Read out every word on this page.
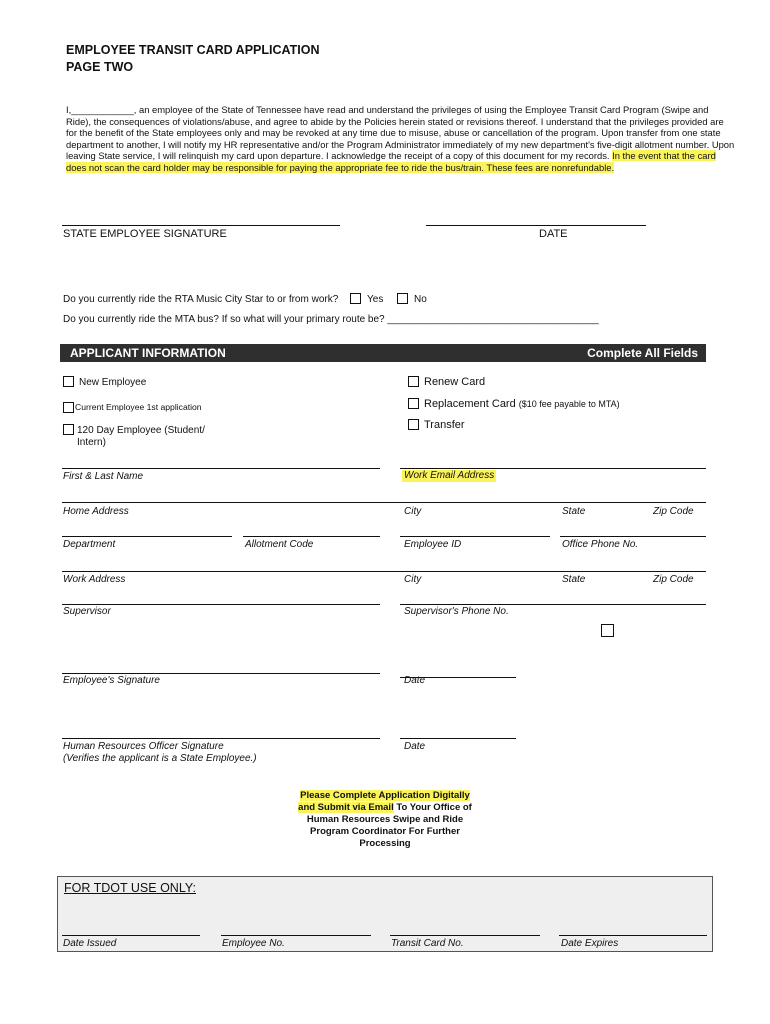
EMPLOYEE TRANSIT CARD APPLICATION
PAGE TWO
I,____________, an employee of the State of Tennessee have read and understand the privileges of using the Employee Transit Card Program (Swipe and Ride), the consequences of violations/abuse, and agree to abide by the Policies herein stated or revisions thereof. I understand that the privileges provided are for the benefit of the State employees only and may be revoked at any time due to misuse, abuse or cancellation of the program. Upon transfer from one state department to another, I will notify my HR representative and/or the Program Administrator immediately of my new department's five-digit allotment number. Upon leaving State service, I will relinquish my card upon departure. I acknowledge the receipt of a copy of this document for my records. In the event that the card does not scan the card holder may be responsible for paying the appropriate fee to ride the bus/train. These fees are nonrefundable.
STATE EMPLOYEE SIGNATURE	DATE
Do you currently ride the RTA Music City Star to or from work?	Yes	No
Do you currently ride the MTA bus? If so what will your primary route be? ______________________________________
APPLICANT INFORMATION	Complete All Fields
New Employee
Current Employee 1st application
120 Day Employee (Student/
Intern)
Renew Card
Replacement Card ($10 fee payable to MTA)
Transfer
First & Last Name	Work Email Address
Home Address	City	State	Zip Code
Department	Allotment Code	Employee ID	Office Phone No.
Work Address	City	State	Zip Code
Supervisor	Supervisor's Phone No.
Employee's Signature	Date
Human Resources Officer Signature
(Verifies the applicant is a State Employee.)
Date
Please Complete Application Digitally
and Submit via Email To Your Office of Human Resources Swipe and Ride Program Coordinator For Further Processing
FOR TDOT USE ONLY:
Date Issued	Employee No.	Transit Card No.	Date Expires
